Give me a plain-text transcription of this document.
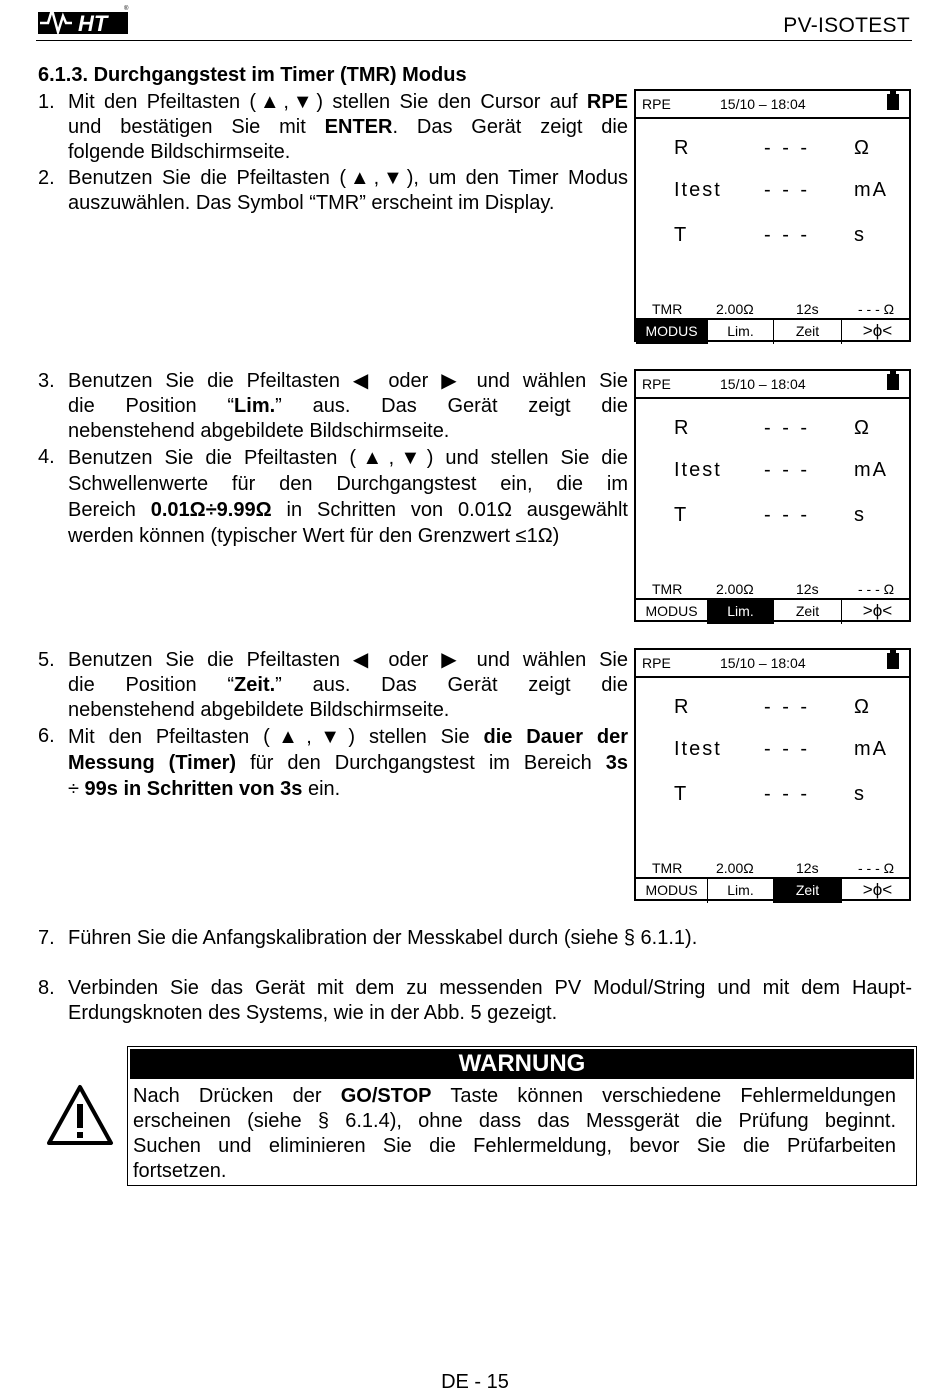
HT
®
PV-ISOTEST
6.1.3. Durchgangstest im Timer (TMR) Modus
1. Mit den Pfeiltasten (▲,▼) stellen Sie den Cursor auf RPE
und bestätigen Sie mit ENTER. Das Gerät zeigt die
folgende Bildschirmseite.
2. Benutzen Sie die Pfeiltasten (▲,▼), um den Timer Modus
auszuwählen. Das Symbol “TMR” erscheint im Display.
3. Benutzen Sie die Pfeiltasten ◀ oder ▶ und wählen Sie
die Position “Lim.” aus. Das Gerät zeigt die
nebenstehend abgebildete Bildschirmseite.
4. Benutzen Sie die Pfeiltasten (▲,▼) und stellen Sie die
Schwellenwerte für den Durchgangstest ein, die im
Bereich 0.01Ω÷9.99Ω in Schritten von 0.01Ω ausgewählt
werden können (typischer Wert für den Grenzwert ≤1Ω)
5. Benutzen Sie die Pfeiltasten ◀ oder ▶ und wählen Sie
die Position “Zeit.” aus. Das Gerät zeigt die
nebenstehend abgebildete Bildschirmseite.
6. Mit den Pfeiltasten (▲,▼) stellen Sie die Dauer der
Messung (Timer) für den Durchgangstest im Bereich 3s
÷ 99s in Schritten von 3s ein.
RPE	15/10 – 18:04
R	- - - Ω
Itest - - - mA
T	- - - s
TMR 2.00Ω	12s	- - - Ω
MODUS	Lim.	Zeit	>ϕ<
RPE	15/10 – 18:04
R	- - - Ω
Itest - - - mA
T	- - - s
TMR 2.00Ω	12s	- - - Ω
MODUS	Lim.	Zeit	>ϕ<
RPE	15/10 – 18:04
R	- - - Ω
Itest - - - mA
T	- - - s
TMR 2.00Ω	12s	- - - Ω
MODUS	Lim.	Zeit	>ϕ<
7. Führen Sie die Anfangskalibration der Messkabel durch (siehe § 6.1.1).
8. Verbinden Sie das Gerät mit dem zu messenden PV Modul/String und mit dem Haupt-
Erdungsknoten des Systems, wie in der Abb. 5 gezeigt.
WARNUNG
Nach Drücken der GO/STOP Taste können verschiedene Fehlermeldungen
erscheinen (siehe § 6.1.4), ohne dass das Messgerät die Prüfung beginnt.
Suchen und eliminieren Sie die Fehlermeldung, bevor Sie die Prüfarbeiten
fortsetzen.
DE - 15
